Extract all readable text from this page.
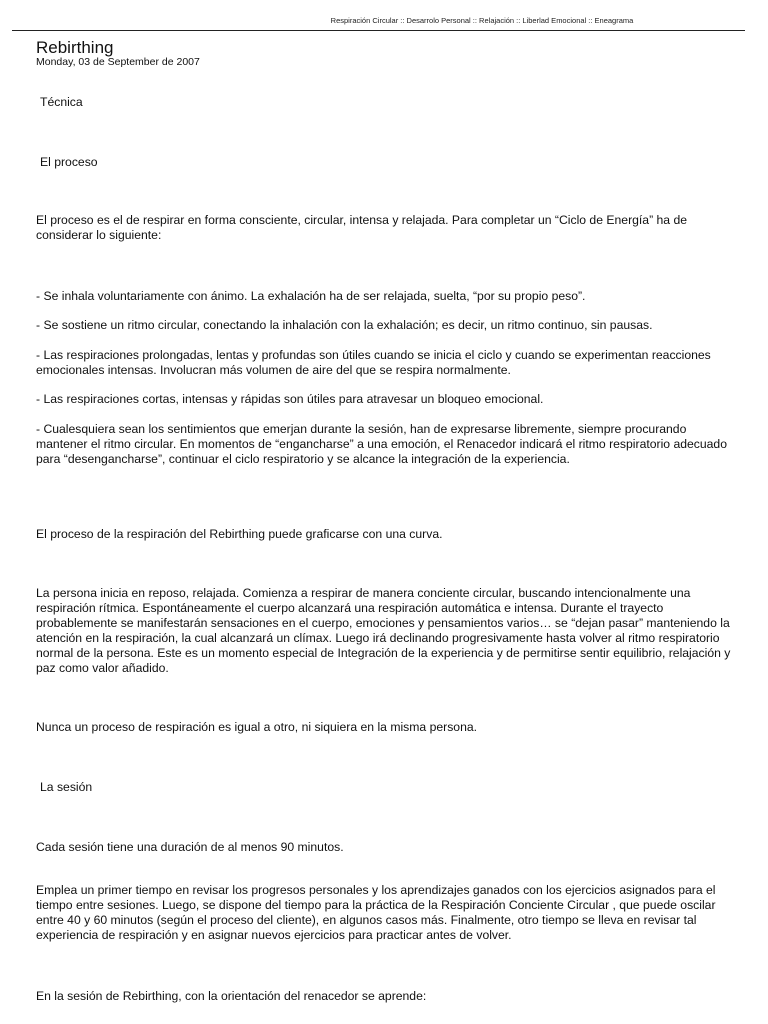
Respiración Circular :: Desarrolo Personal :: Relajación :: Liberlad Emocional :: Eneagrama
Rebirthing
Monday, 03 de September de 2007

Técnica

El proceso

El proceso es el de respirar en forma consciente, circular, intensa y relajada. Para completar un “Ciclo de Energía” ha de considerar lo siguiente:

- Se inhala voluntariamente con ánimo. La exhalación ha de ser relajada, suelta, “por su propio peso”.

- Se sostiene un ritmo circular, conectando la inhalación con la exhalación; es decir, un ritmo continuo, sin pausas.

- Las respiraciones prolongadas, lentas y profundas son útiles cuando se inicia el ciclo y cuando se experimentan reacciones emocionales intensas. Involucran más volumen de aire del que se respira normalmente.

- Las respiraciones cortas, intensas y rápidas son útiles para atravesar un bloqueo emocional.

- Cualesquiera sean los sentimientos que emerjan durante la sesión, han de expresarse libremente, siempre procurando mantener el ritmo circular. En momentos de “engancharse” a una emoción, el Renacedor indicará el ritmo respiratorio adecuado para “desengancharse”, continuar el ciclo respiratorio y se alcance la integración de la experiencia.

El proceso de la respiración del Rebirthing puede graficarse con una curva.

La persona inicia en reposo, relajada. Comienza a respirar de manera conciente circular, buscando intencionalmente una respiración rítmica. Espontáneamente el cuerpo alcanzará una respiración automática e intensa. Durante el trayecto probablemente se manifestarán sensaciones en el cuerpo, emociones y pensamientos varios… se “dejan pasar” manteniendo la atención en la respiración, la cual alcanzará un clímax. Luego irá declinando progresivamente hasta volver al ritmo respiratorio normal de la persona. Este es un momento especial de Integración de la experiencia y de permitirse sentir equilibrio, relajación y paz como valor añadido.

Nunca un proceso de respiración es igual a otro, ni siquiera en la misma persona.

La sesión

Cada sesión tiene una duración de al menos 90 minutos.

Emplea un primer tiempo en revisar los progresos personales y los aprendizajes ganados con los ejercicios asignados para el tiempo entre sesiones. Luego, se dispone del tiempo para la práctica de la Respiración Conciente Circular , que puede oscilar entre 40 y 60 minutos (según el proceso del cliente), en algunos casos más. Finalmente, otro tiempo se lleva en revisar tal experiencia de respiración y en asignar nuevos ejercicios para practicar antes de volver.

En la sesión de Rebirthing, con la orientación del renacedor se aprende:
